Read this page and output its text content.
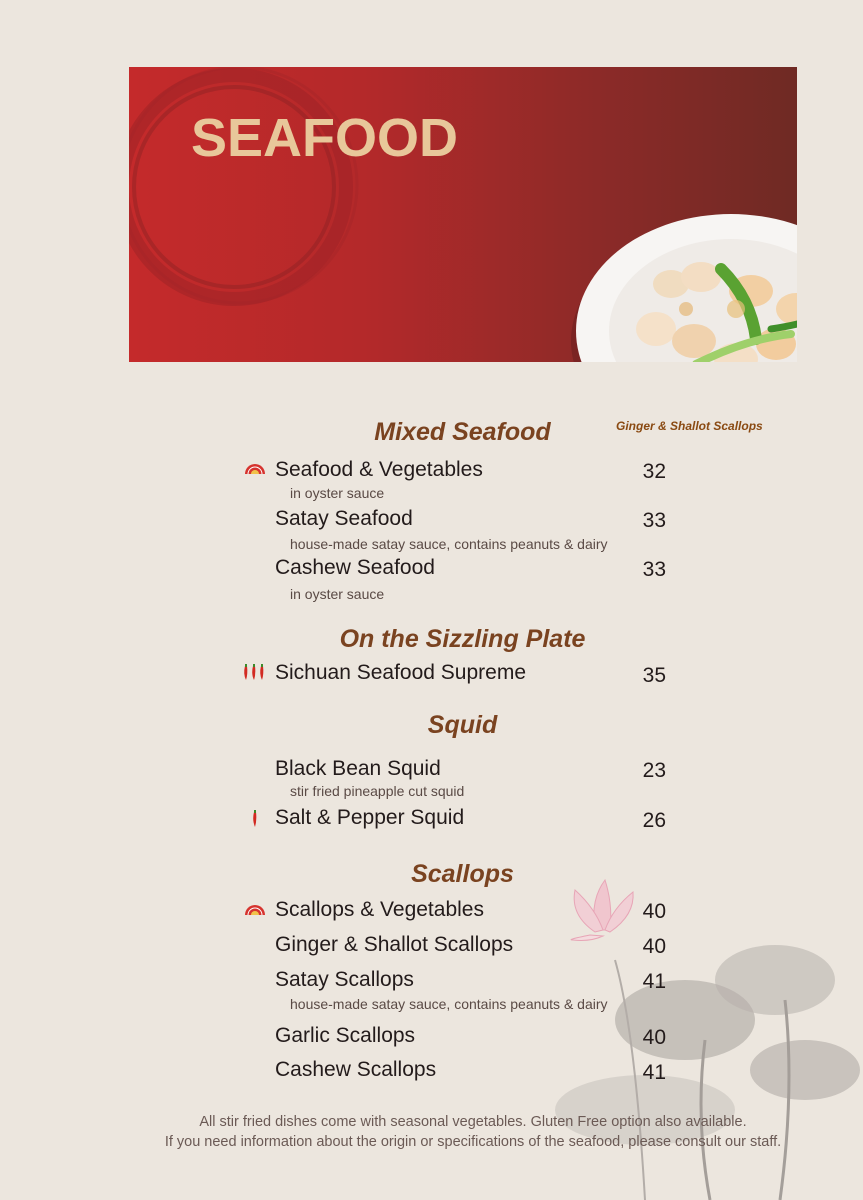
SEAFOOD
Ginger & Shallot Scallops
Mixed Seafood
Seafood & Vegetables	32
in oyster sauce
Satay Seafood	33
house-made satay sauce, contains peanuts & dairy
Cashew Seafood	33
in oyster sauce
On the Sizzling Plate
Sichuan Seafood Supreme	35
Squid
Black Bean Squid	23
stir fried pineapple cut squid
Salt & Pepper Squid	26
Scallops
Scallops & Vegetables	40
Ginger & Shallot Scallops	40
Satay Scallops	41
house-made satay sauce, contains peanuts & dairy
Garlic Scallops	40
Cashew Scallops	41
All stir fried dishes come with seasonal vegetables. Gluten Free option also available.
If you need information about the origin or specifications of the seafood, please consult our staff.
